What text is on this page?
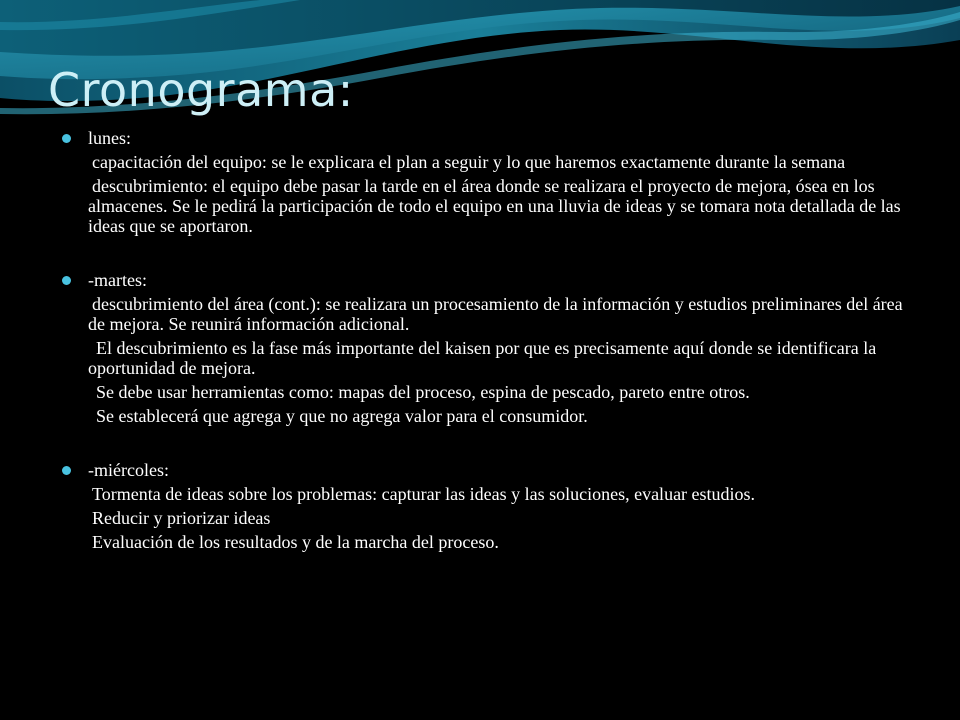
Cronograma:
lunes:

capacitación del equipo: se le explicara el plan a seguir y lo que haremos exactamente durante la semana

descubrimiento: el equipo debe pasar la tarde en el área donde se realizara el proyecto de mejora, ósea en los almacenes. Se le pedirá la participación de todo el equipo en una lluvia de ideas y se tomara nota detallada de las ideas que se aportaron.

-martes:

descubrimiento del área (cont.): se realizara un procesamiento de la información y estudios preliminares del área de mejora. Se reunirá información adicional.

El descubrimiento es la fase más importante del kaisen por que es precisamente aquí donde se identificara la oportunidad de mejora.

Se debe usar herramientas como: mapas del proceso, espina de pescado, pareto entre otros.

Se establecerá que agrega y que no agrega valor para el consumidor.

-miércoles:

Tormenta de ideas sobre los problemas: capturar las ideas y las soluciones, evaluar estudios.

Reducir y priorizar ideas

Evaluación de los resultados y de la marcha del proceso.
